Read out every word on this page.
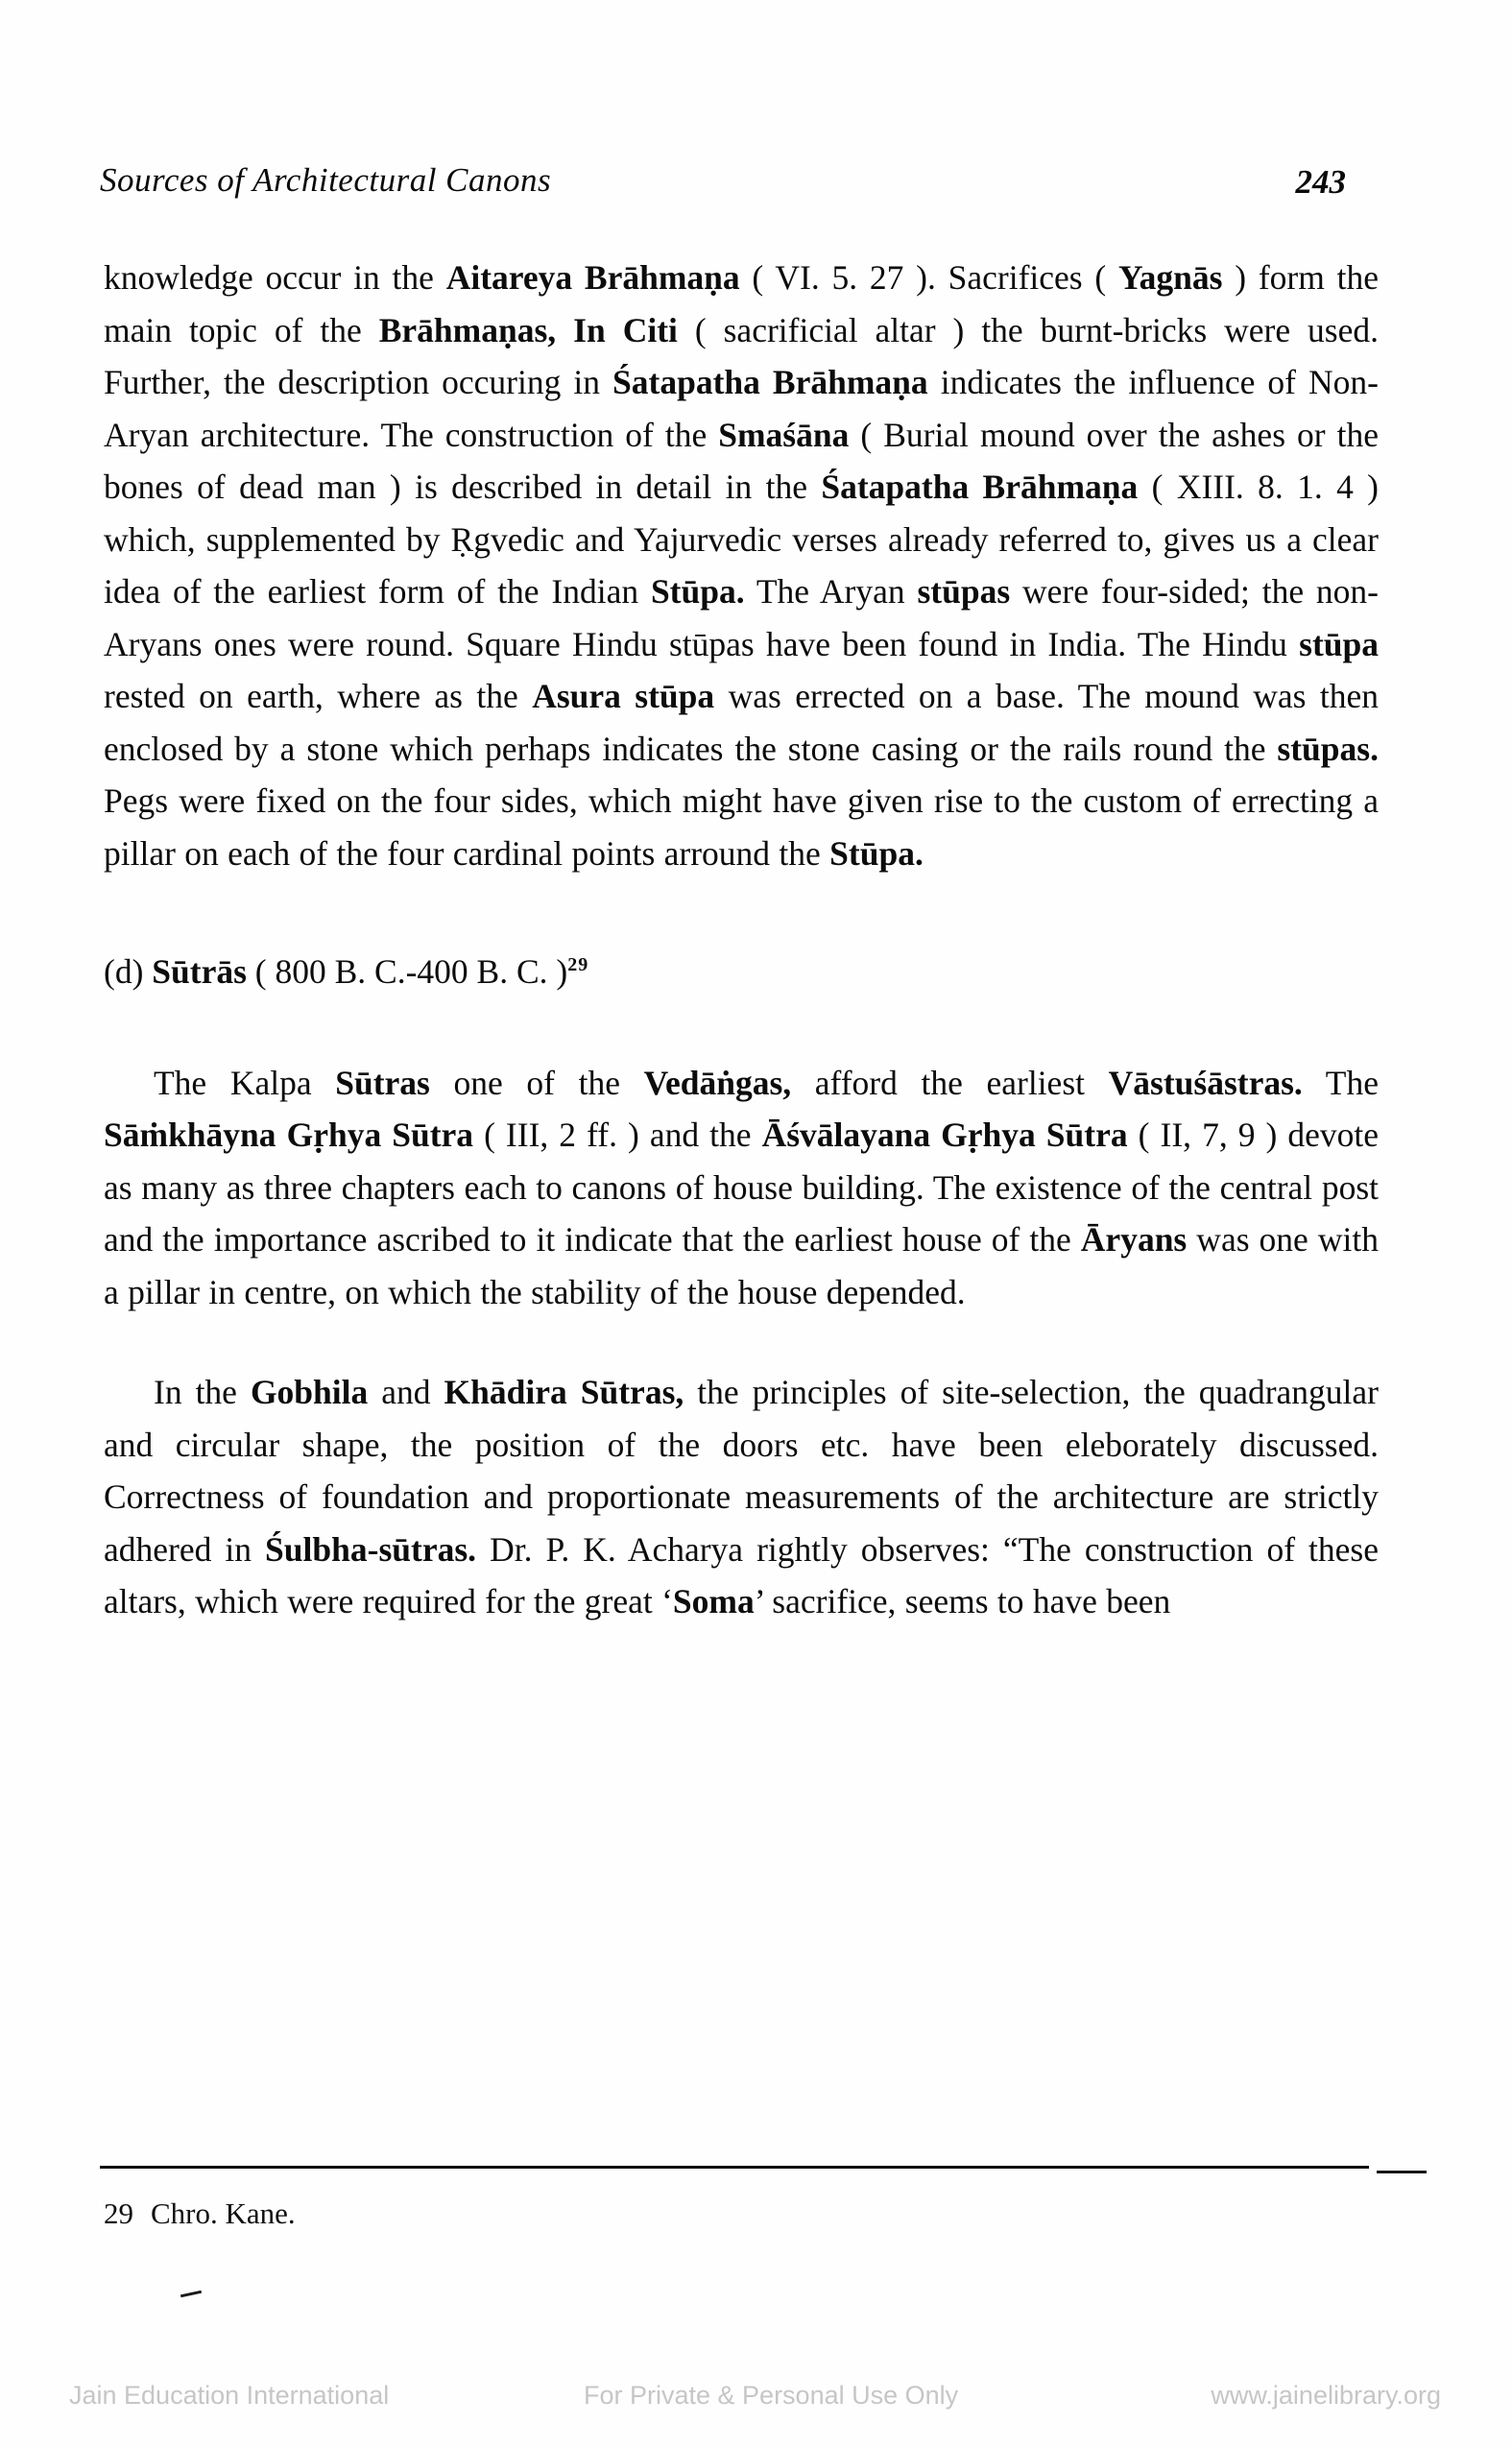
Sources of Architectural Canons	243

knowledge occur in the Aitareya Brāhmaṇa ( VI. 5. 27 ). Sacrifices ( Yagnās ) form the main topic of the Brāhmaṇas, In Citi ( sacrificial altar ) the burnt-bricks were used. Further, the description occuring in Śatapatha Brāhmaṇa indicates the influence of Non-Aryan architecture. The construction of the Smaśāna ( Burial mound over the ashes or the bones of dead man ) is described in detail in the Śatapatha Brāhmaṇa ( XIII. 8. 1. 4 ) which, supplemented by Ṛgvedic and Yajurvedic verses already referred to, gives us a clear idea of the earliest form of the Indian Stūpa. The Aryan stūpas were four-sided; the non-Aryans ones were round. Square Hindu stūpas have been found in India. The Hindu stūpa rested on earth, where as the Asura stūpa was errected on a base. The mound was then enclosed by a stone which perhaps indicates the stone casing or the rails round the stūpas. Pegs were fixed on the four sides, which might have given rise to the custom of errecting a pillar on each of the four cardinal points arround the Stūpa.

(d) Sūtrās ( 800 B. C.-400 B. C. )$^{29}$

The Kalpa Sūtras one of the Vedāṅgas, afford the earliest Vāstuśāstras. The Sāṁkhāyna Gṛhya Sūtra ( III, 2 ff. ) and the Āśvālayana Gṛhya Sūtra ( II, 7, 9 ) devote as many as three chapters each to canons of house building. The existence of the central post and the importance ascribed to it indicate that the earliest house of the Āryans was one with a pillar in centre, on which the stability of the house depended.

In the Gobhila and Khādira Sūtras, the principles of site-selection, the quadrangular and circular shape, the position of the doors etc. have been eleborately discussed. Correctness of foundation and proportionate measurements of the architecture are strictly adhered in Śulbha-sūtras. Dr. P. K. Acharya rightly observes: “The construction of these altars, which were required for the great ‘Soma’ sacrifice, seems to have been

29 Chro. Kane.
Jain Education International	For Private & Personal Use Only	www.jainelibrary.org
